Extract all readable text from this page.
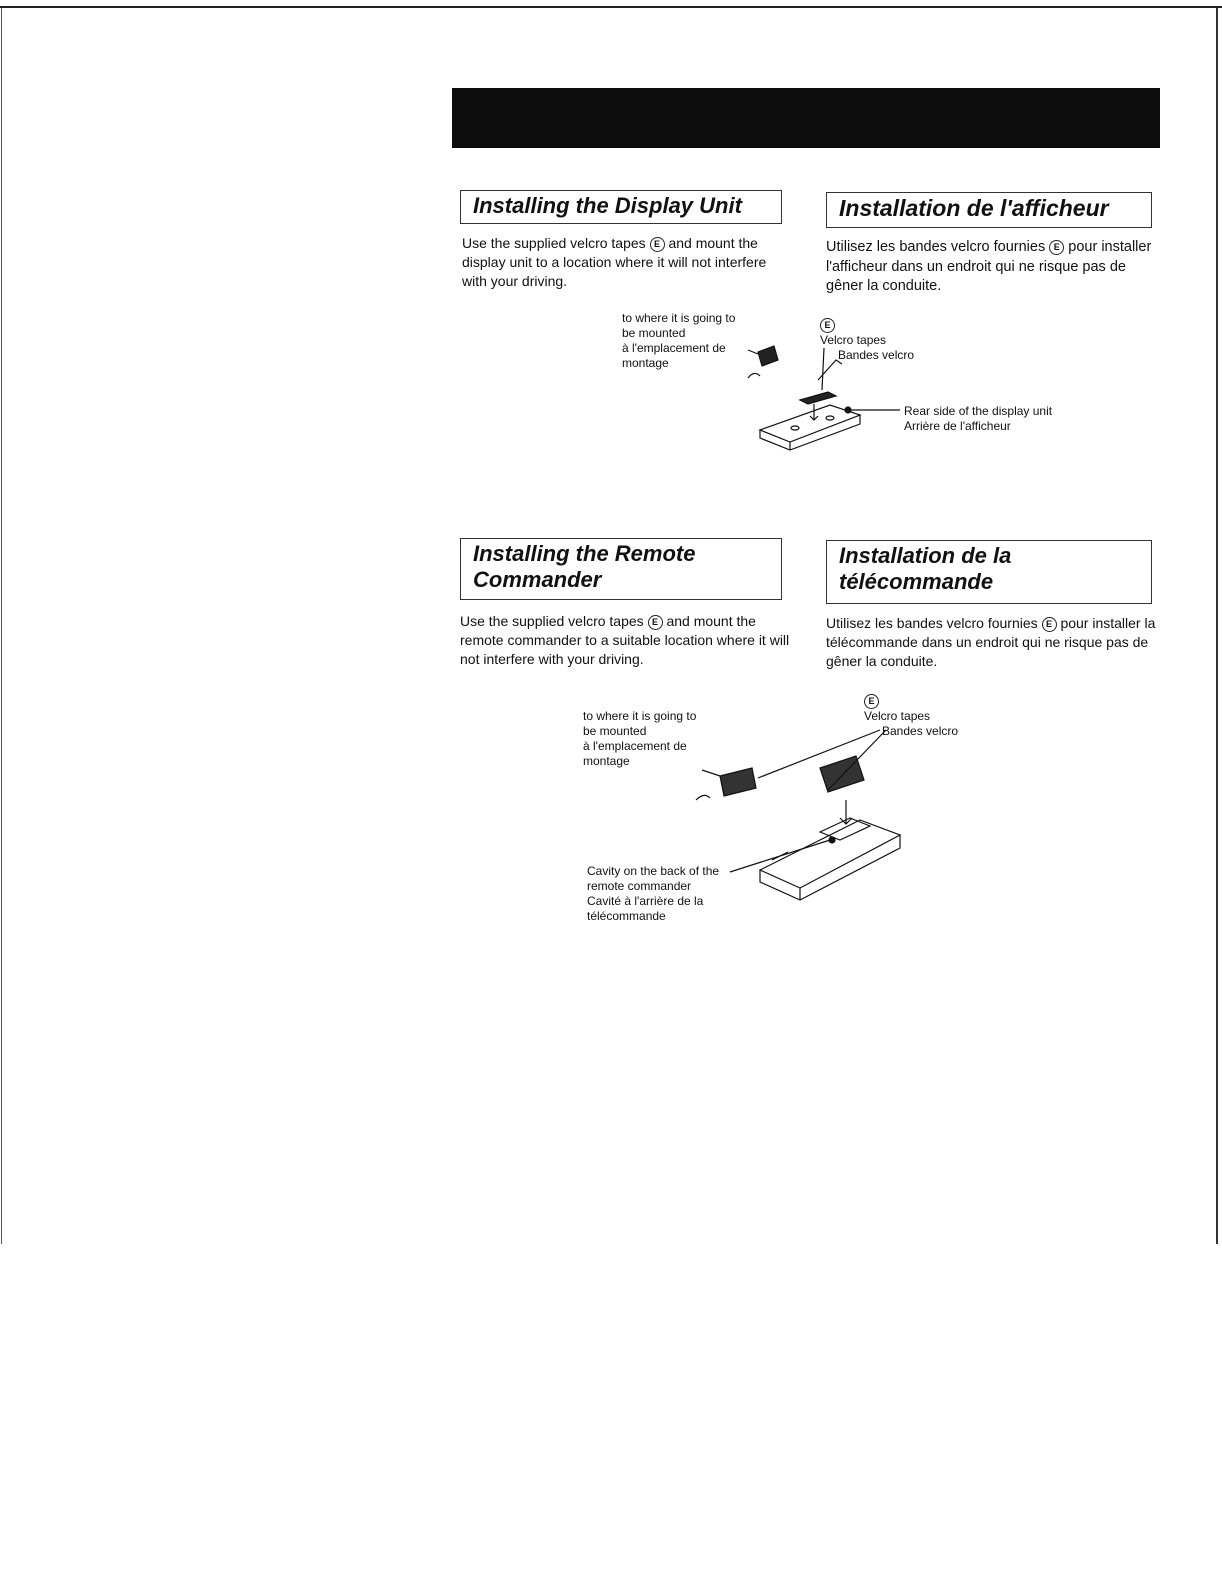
Installing the Display Unit	Installation de l'afficheur
Use the supplied velcro tapes E and mount the display unit to a location where it will not interfere with your driving.
Utilisez les bandes velcro fournies E pour installer l'afficheur dans un endroit qui ne risque pas de gêner la conduite.
to where it is going to
be mounted
à l'emplacement de
montage
E
Velcro tapes
Bandes velcro
Rear side of the display unit
Arrière de l'afficheur
Installing the Remote
Commander
Installation de la
télécommande
Use the supplied velcro tapes E and mount the remote commander to a suitable location where it will not interfere with your driving.
Utilisez les bandes velcro fournies E pour installer la télécommande dans un endroit qui ne risque pas de gêner la conduite.
to where it is going to
be mounted
à l'emplacement de
montage
E
Velcro tapes
Bandes velcro
Cavity on the back of the
remote commander
Cavité à l'arrière de la
télécommande
